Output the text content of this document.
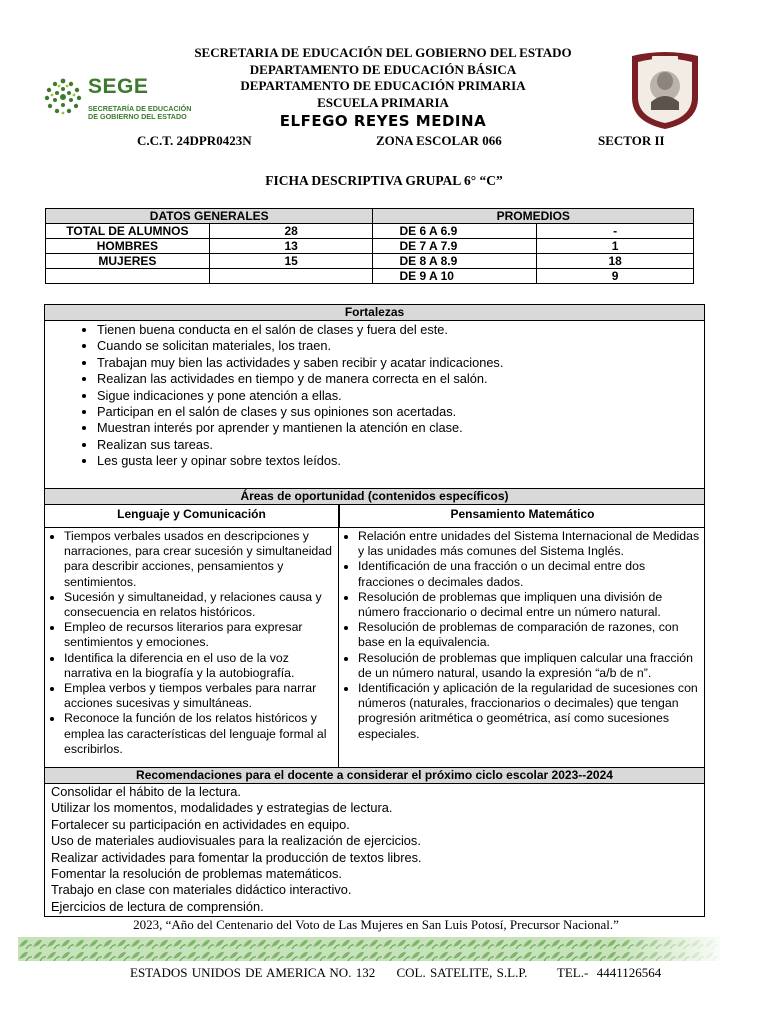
SEGE
SECRETARÍA DE EDUCACIÓN
DE GOBIERNO DEL ESTADO
SECRETARIA DE EDUCACIÓN DEL GOBIERNO DEL ESTADO
DEPARTAMENTO DE EDUCACIÓN BÁSICA
DEPARTAMENTO DE EDUCACIÓN PRIMARIA
ESCUELA PRIMARIA
ELFEGO REYES MEDINA
C.C.T. 24DPR0423N	ZONA ESCOLAR 066	SECTOR II
FICHA DESCRIPTIVA GRUPAL 6° “C”
DATOS GENERALES		PROMEDIOS	
TOTAL DE ALUMNOS	28	DE 6 A 6.9	-
HOMBRES	13	DE 7 A 7.9	1
MUJERES	15	DE 8 A 8.9	18
		DE 9 A 10	9
Fortalezas
• Tienen buena conducta en el salón de clases y fuera del este.
• Cuando se solicitan materiales, los traen.
• Trabajan muy bien las actividades y saben recibir y acatar indicaciones.
• Realizan las actividades en tiempo y de manera correcta en el salón.
• Sigue indicaciones y pone atención a ellas.
• Participan en el salón de clases y sus opiniones son acertadas.
• Muestran interés por aprender y mantienen la atención en clase.
• Realizan sus tareas.
• Les gusta leer y opinar sobre textos leídos.
Áreas de oportunidad (contenidos específicos)
Lenguaje y Comunicación	Pensamiento Matemático
• Tiempos verbales usados en descripciones y narraciones, para crear sucesión y simultaneidad para describir acciones, pensamientos y sentimientos.
• Sucesión y simultaneidad, y relaciones causa y consecuencia en relatos históricos.
• Empleo de recursos literarios para expresar sentimientos y emociones.
• Identifica la diferencia en el uso de la voz narrativa en la biografía y la autobiografía.
• Emplea verbos y tiempos verbales para narrar acciones sucesivas y simultáneas.
• Reconoce la función de los relatos históricos y emplea las características del lenguaje formal al escribirlos.
• Relación entre unidades del Sistema Internacional de Medidas y las unidades más comunes del Sistema Inglés.
• Identificación de una fracción o un decimal entre dos fracciones o decimales dados.
• Resolución de problemas que impliquen una división de número fraccionario o decimal entre un número natural.
• Resolución de problemas de comparación de razones, con base en la equivalencia.
• Resolución de problemas que impliquen calcular una fracción de un número natural, usando la expresión “a/b de n”.
• Identificación y aplicación de la regularidad de sucesiones con números (naturales, fraccionarios o decimales) que tengan progresión aritmética o geométrica, así como sucesiones especiales.
Recomendaciones para el docente a considerar el próximo ciclo escolar 2023--2024
Consolidar el hábito de la lectura.
Utilizar los momentos, modalidades y estrategias de lectura.
Fortalecer su participación en actividades en equipo.
Uso de materiales audiovisuales para la realización de ejercicios.
Realizar actividades para fomentar la producción de textos libres.
Fomentar la resolución de problemas matemáticos.
Trabajo en clase con materiales didáctico interactivo.
Ejercicios de lectura de comprensión.
2023, “Año del Centenario del Voto de Las Mujeres en San Luis Potosí, Precursor Nacional.”
ESTADOS UNIDOS DE AMERICA NO. 132     COL. SATELITE, S.L.P.       TEL.-  4441126564
